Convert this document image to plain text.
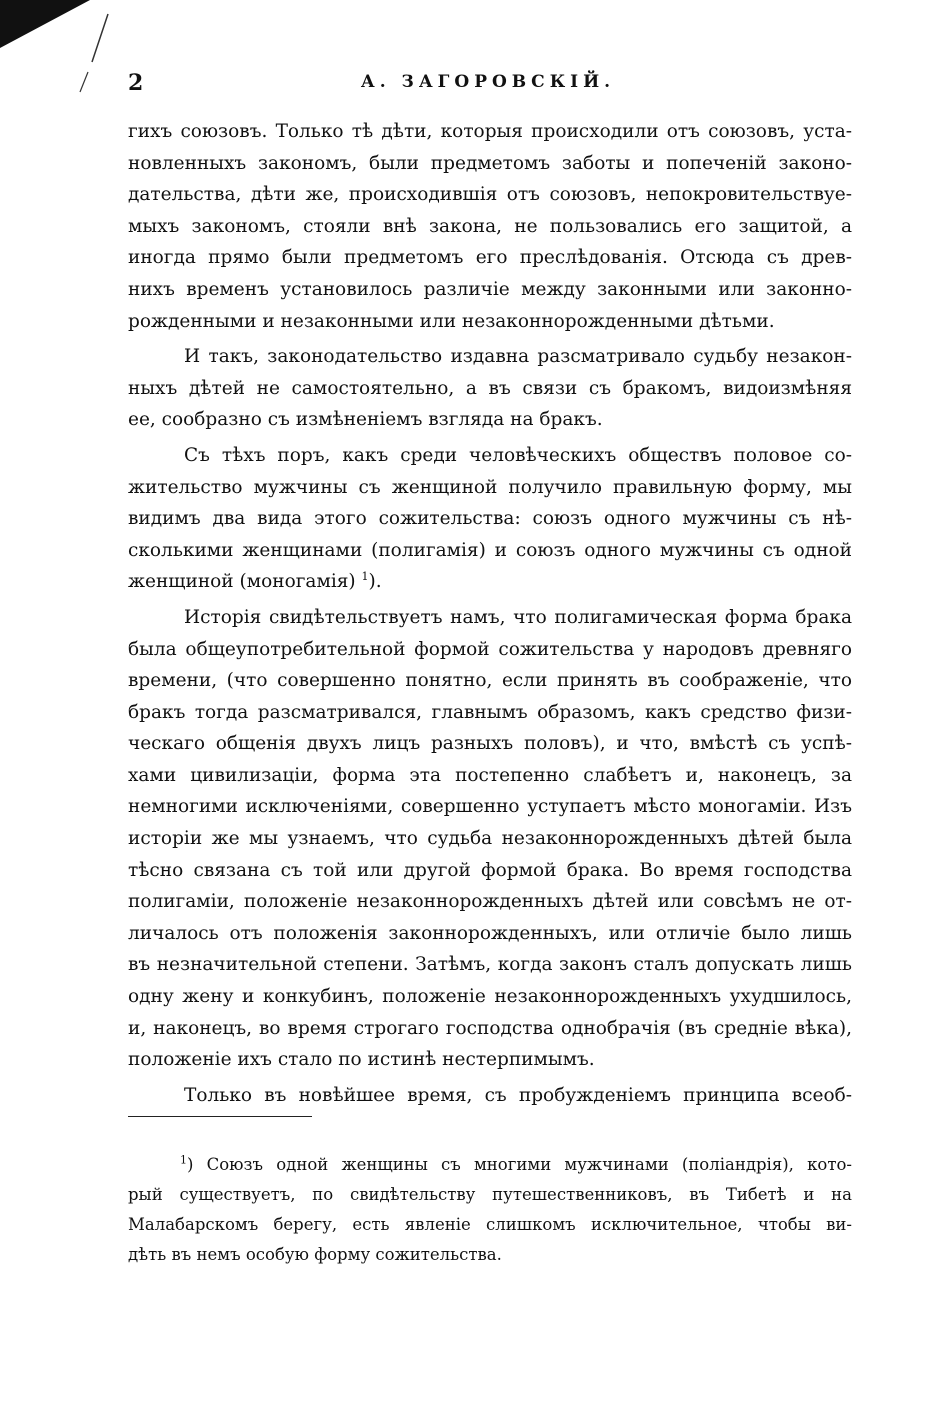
2	А. ЗАГОРОВСКІЙ.
гихъ союзовъ. Только тѣ дѣти, которыя происходили отъ союзовъ, уста-
новленныхъ закономъ, были предметомъ заботы и попеченій законо-
дательства, дѣти же, происходившія отъ союзовъ, непокровительствуе-
мыхъ закономъ, стояли внѣ закона, не пользовались его защитой, а
иногда прямо были предметомъ его преслѣдованія. Отсюда съ древ-
нихъ временъ установилось различіе между законными или законно-
рожденными и незаконными или незаконнорожденными дѣтьми.
И такъ, законодательство издавна разсматривало судьбу незакон-
ныхъ дѣтей не самостоятельно, а въ связи съ бракомъ, видоизмѣняя
ее, сообразно съ измѣненіемъ взгляда на бракъ.
Съ тѣхъ поръ, какъ среди человѣческихъ обществъ половое со-
жительство мужчины съ женщиной получило правильную форму, мы
видимъ два вида этого сожительства: союзъ одного мужчины съ нѣ-
сколькими женщинами (полигамія) и союзъ одного мужчины съ одной
женщиной (моногамія) $^1$).
Исторія свидѣтельствуетъ намъ, что полигамическая форма брака
была общеупотребительной формой сожительства у народовъ древняго
времени, (что совершенно понятно, если принять въ соображеніе, что
бракъ тогда разсматривался, главнымъ образомъ, какъ средство физи-
ческаго общенія двухъ лицъ разныхъ половъ), и что, вмѣстѣ съ успѣ-
хами цивилизаціи, форма эта постепенно слабѣетъ и, наконецъ, за
немногими исключеніями, совершенно уступаетъ мѣсто моногаміи. Изъ
исторіи же мы узнаемъ, что судьба незаконнорожденныхъ дѣтей была
тѣсно связана съ той или другой формой брака. Во время господства
полигаміи, положеніе незаконнорожденныхъ дѣтей или совсѣмъ не от-
личалось отъ положенія законнорожденныхъ, или отличіе было лишь
въ незначительной степени. Затѣмъ, когда законъ сталъ допускать лишь
одну жену и конкубинъ, положеніе незаконнорожденныхъ ухудшилось,
и, наконецъ, во время строгаго господства однобрачія (въ средніе вѣка),
положеніе ихъ стало по истинѣ нестерпимымъ.
Только въ новѣйшее время, съ пробужденіемъ принципа всеоб-
$^1$) Союзъ одной женщины съ многими мужчинами (поліандрія), кото-
рый существуетъ, по свидѣтельству путешественниковъ, въ Тибетѣ и на
Малабарскомъ берегу, есть явленіе слишкомъ исключительное, чтобы ви-
дѣть въ немъ особую форму сожительства.
